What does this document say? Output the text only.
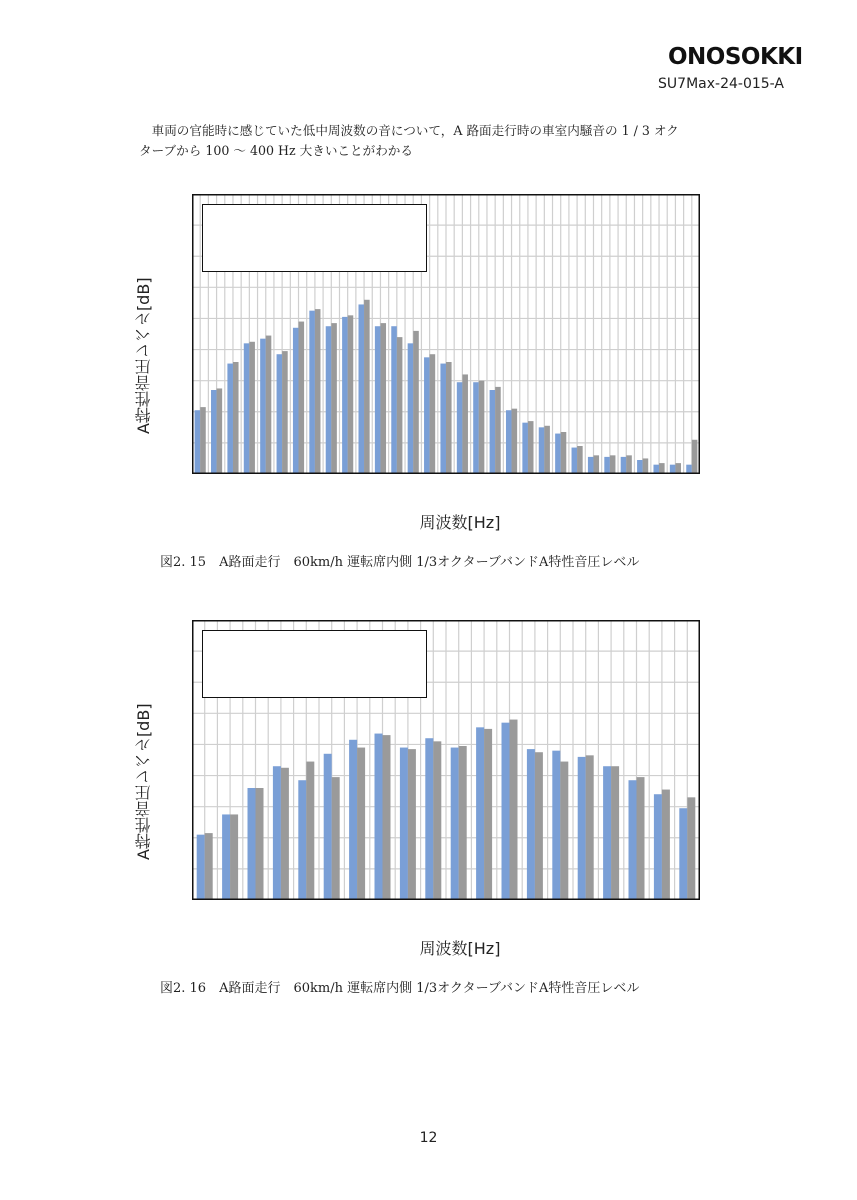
ONOSOKKI
SU7Max-24-015-A
車両の官能時に感じていた低中周波数の音について，A 路面走行時の車室内騒音の 1 / 3 オク
ターブから 100 〜 400 Hz 大きいことがわかる
A特性音圧レベル[dB]
周波数[Hz]
図2. 15　A路面走行　60km/h 運転席内側 1/3オクターブバンドA特性音圧レベル
A特性音圧レベル[dB]
周波数[Hz]
図2. 16　A路面走行　60km/h 運転席内側 1/3オクターブバンドA特性音圧レベル
12
